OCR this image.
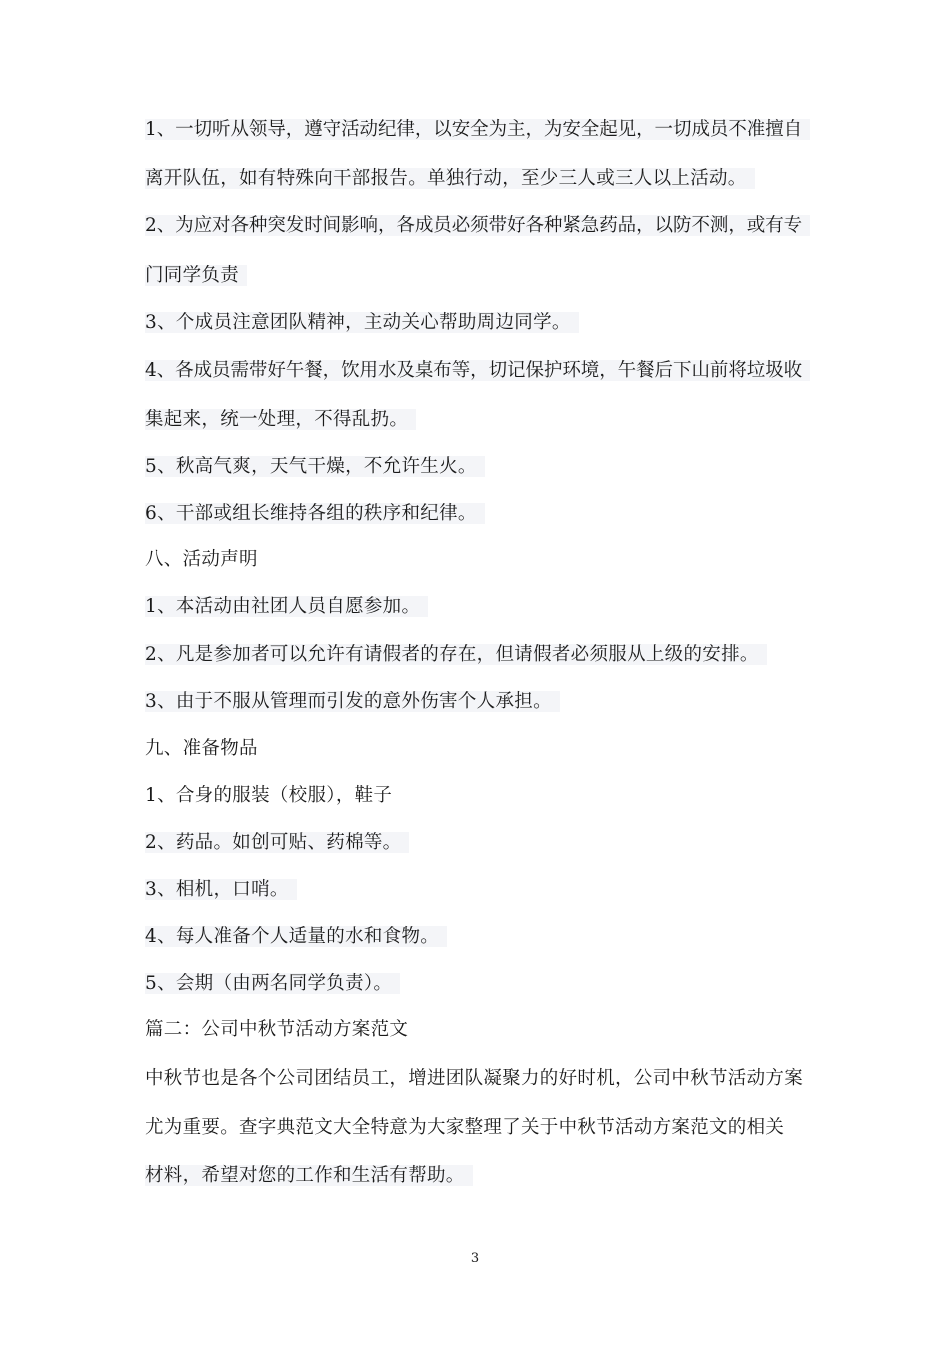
1、一切听从领导，遵守活动纪律，以安全为主，为安全起见，一切成员不准擅自
离开队伍，如有特殊向干部报告。单独行动，至少三人或三人以上活动。
2、为应对各种突发时间影响，各成员必须带好各种紧急药品，以防不测，或有专
门同学负责
3、个成员注意团队精神，主动关心帮助周边同学。
4、各成员需带好午餐，饮用水及桌布等，切记保护环境，午餐后下山前将垃圾收
集起来，统一处理，不得乱扔。
5、秋高气爽，天气干燥，不允许生火。
6、干部或组长维持各组的秩序和纪律。
八、活动声明
1、本活动由社团人员自愿参加。
2、凡是参加者可以允许有请假者的存在，但请假者必须服从上级的安排。
3、由于不服从管理而引发的意外伤害个人承担。
九、准备物品
1、合身的服装（校服），鞋子
2、药品。如创可贴、药棉等。
3、相机，口哨。
4、每人准备个人适量的水和食物。
5、会期（由两名同学负责）。
篇二：公司中秋节活动方案范文
中秋节也是各个公司团结员工，增进团队凝聚力的好时机，公司中秋节活动方案
尤为重要。查字典范文大全特意为大家整理了关于中秋节活动方案范文的相关
材料，希望对您的工作和生活有帮助。
3
